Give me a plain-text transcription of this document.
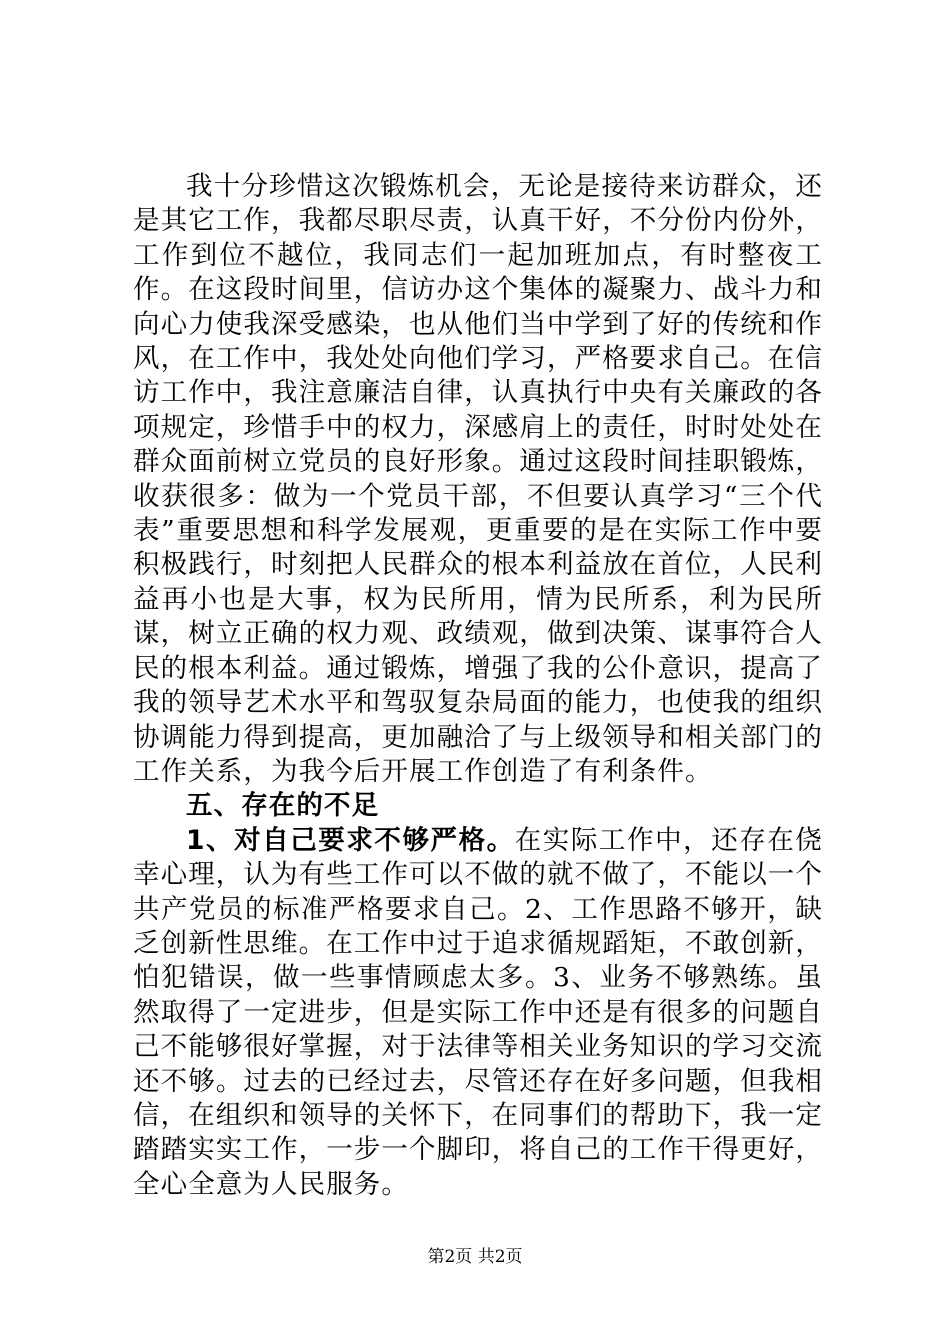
我十分珍惜这次锻炼机会，无论是接待来访群众，还是其它工作，我都尽职尽责，认真干好，不分份内份外，工作到位不越位，我同志们一起加班加点，有时整夜工作。在这段时间里，信访办这个集体的凝聚力、战斗力和向心力使我深受感染，也从他们当中学到了好的传统和作风，在工作中，我处处向他们学习，严格要求自己。在信访工作中，我注意廉洁自律，认真执行中央有关廉政的各项规定，珍惜手中的权力，深感肩上的责任，时时处处在群众面前树立党员的良好形象。通过这段时间挂职锻炼，收获很多：做为一个党员干部，不但要认真学习“三个代表”重要思想和科学发展观，更重要的是在实际工作中要积极践行，时刻把人民群众的根本利益放在首位，人民利益再小也是大事，权为民所用，情为民所系，利为民所谋，树立正确的权力观、政绩观，做到决策、谋事符合人民的根本利益。通过锻炼，增强了我的公仆意识，提高了我的领导艺术水平和驾驭复杂局面的能力，也使我的组织协调能力得到提高，更加融洽了与上级领导和相关部门的工作关系，为我今后开展工作创造了有利条件。

五、存在的不足

1、对自己要求不够严格。在实际工作中，还存在侥幸心理，认为有些工作可以不做的就不做了，不能以一个共产党员的标准严格要求自己。2、工作思路不够开，缺乏创新性思维。在工作中过于追求循规蹈矩，不敢创新，怕犯错误，做一些事情顾虑太多。3、业务不够熟练。虽然取得了一定进步，但是实际工作中还是有很多的问题自己不能够很好掌握，对于法律等相关业务知识的学习交流还不够。过去的已经过去，尽管还存在好多问题，但我相信，在组织和领导的关怀下，在同事们的帮助下，我一定踏踏实实工作，一步一个脚印，将自己的工作干得更好，全心全意为人民服务。

第2页 共2页
